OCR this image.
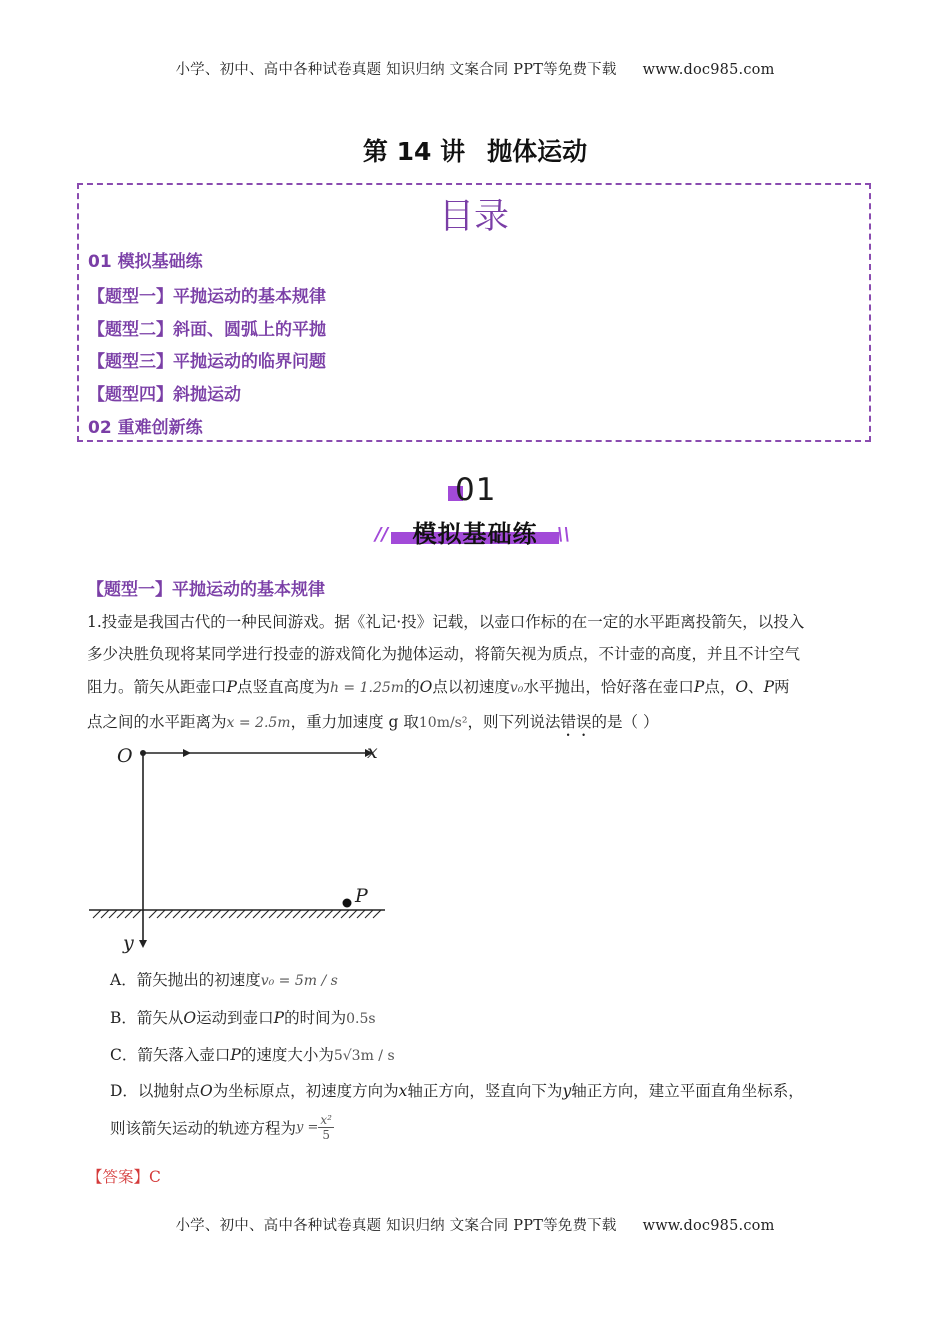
小学、初中、高中各种试卷真题 知识归纳 文案合同 PPT等免费下载 www.doc985.com
第 14 讲 抛体运动
目录
01 模拟基础练
【题型一】平抛运动的基本规律
【题型二】斜面、圆弧上的平抛
【题型三】平抛运动的临界问题
【题型四】斜抛运动
02 重难创新练
01
模拟基础练
//	\\
【题型一】平抛运动的基本规律
1.投壶是我国古代的一种民间游戏。据《礼记·投》记载，以壶口作标的在一定的水平距离投箭矢，以投入
多少决胜负现将某同学进行投壶的游戏简化为抛体运动，将箭矢视为质点，不计壶的高度，并且不计空气
阻力。箭矢从距壶口P点竖直高度为h = 1.25m的O点以初速度v₀水平抛出，恰好落在壶口P点，O、P两
点之间的水平距离为x = 2.5m，重力加速度 g 取10m/s²，则下列说法错误的是（ ）
O	x
y
P
A．箭矢抛出的初速度v₀ = 5m / s
B．箭矢从O运动到壶口P的时间为0.5s
C．箭矢落入壶口P的速度大小为5√3m / s
D．以抛射点O为坐标原点，初速度方向为x轴正方向，竖直向下为y轴正方向，建立平面直角坐标系，
则该箭矢运动的轨迹方程为$y = \frac{\text{x²}}{5}$
【答案】C
小学、初中、高中各种试卷真题 知识归纳 文案合同 PPT等免费下载 www.doc985.com
